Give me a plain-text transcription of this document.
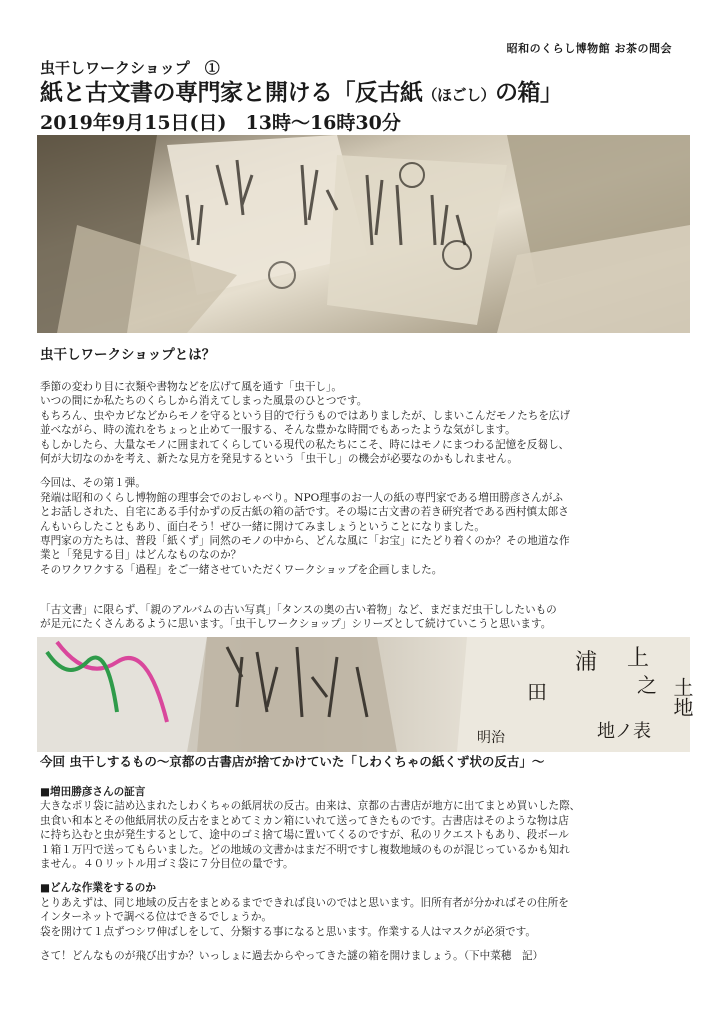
昭和のくらし博物館 お茶の間会

虫干しワークショップ　①

紙と古文書の専門家と開ける「反古紙（ほごし）の箱」

2019年9月15日(日)　13時～16時30分

虫干しワークショップとは？

季節の変わり目に衣類や書物などを広げて風を通す「虫干し」。

いつの間にか私たちのくらしから消えてしまった風景のひとつです。

もちろん、虫やカビなどからモノを守るという目的で行うものではありましたが、しまいこんだモノたちを広げ

並べながら、時の流れをちょっと止めて一服する、そんな豊かな時間でもあったような気がします。

もしかしたら、大量なモノに囲まれてくらしている現代の私たちにこそ、時にはモノにまつわる記憶を反芻し、

何が大切なのかを考え、新たな見方を発見するという「虫干し」の機会が必要なのかもしれません。

今回は、その第１弾。

発端は昭和のくらし博物館の理事会でのおしゃべり。NPO理事のお一人の紙の専門家である増田勝彦さんがふ

とお話しされた、自宅にある手付かずの反古紙の箱の話です。その場に古文書の若き研究者である西村慎太郎さ

んもいらしたこともあり、面白そう！ぜひ一緒に開けてみましょうということになりました。

専門家の方たちは、普段「紙くず」同然のモノの中から、どんな風に「お宝」にたどり着くのか？その地道な作

業と「発見する目」はどんなものなのか？

そのワクワクする「過程」をご一緒させていただくワークショップを企画しました。

「古文書」に限らず、「親のアルバムの古い写真」「タンスの奥の古い着物」など、まだまだ虫干ししたいもの

が足元にたくさんあるように思います。「虫干しワークショップ」シリーズとして続けていこうと思います。

上
土地
浦
田	之
地ノ表
明治
今回 虫干しするもの～京都の古書店が捨てかけていた「しわくちゃの紙くず状の反古」～

■増田勝彦さんの証言

大きなポリ袋に詰め込まれたしわくちゃの紙屑状の反古。由来は、京都の古書店が地方に出てまとめ買いした際、

虫食い和本とその他紙屑状の反古をまとめてミカン箱にいれて送ってきたものです。古書店はそのような物は店

に持ち込むと虫が発生するとして、途中のゴミ捨て場に置いてくるのですが、私のリクエストもあり、段ボール

１箱１万円で送ってもらいました。どの地域の文書かはまだ不明ですし複数地域のものが混じっているかも知れ

ません。４０リットル用ゴミ袋に７分目位の量です。

■どんな作業をするのか

とりあえずは、同じ地域の反古をまとめるまでできれば良いのではと思います。旧所有者が分かればその住所を

インターネットで調べる位はできるでしょうか。

袋を開けて１点ずつシワ伸ばしをして、分類する事になると思います。作業する人はマスクが必須です。

さて！どんなものが飛び出すか？いっしょに過去からやってきた謎の箱を開けましょう。（下中菜穂　記）
